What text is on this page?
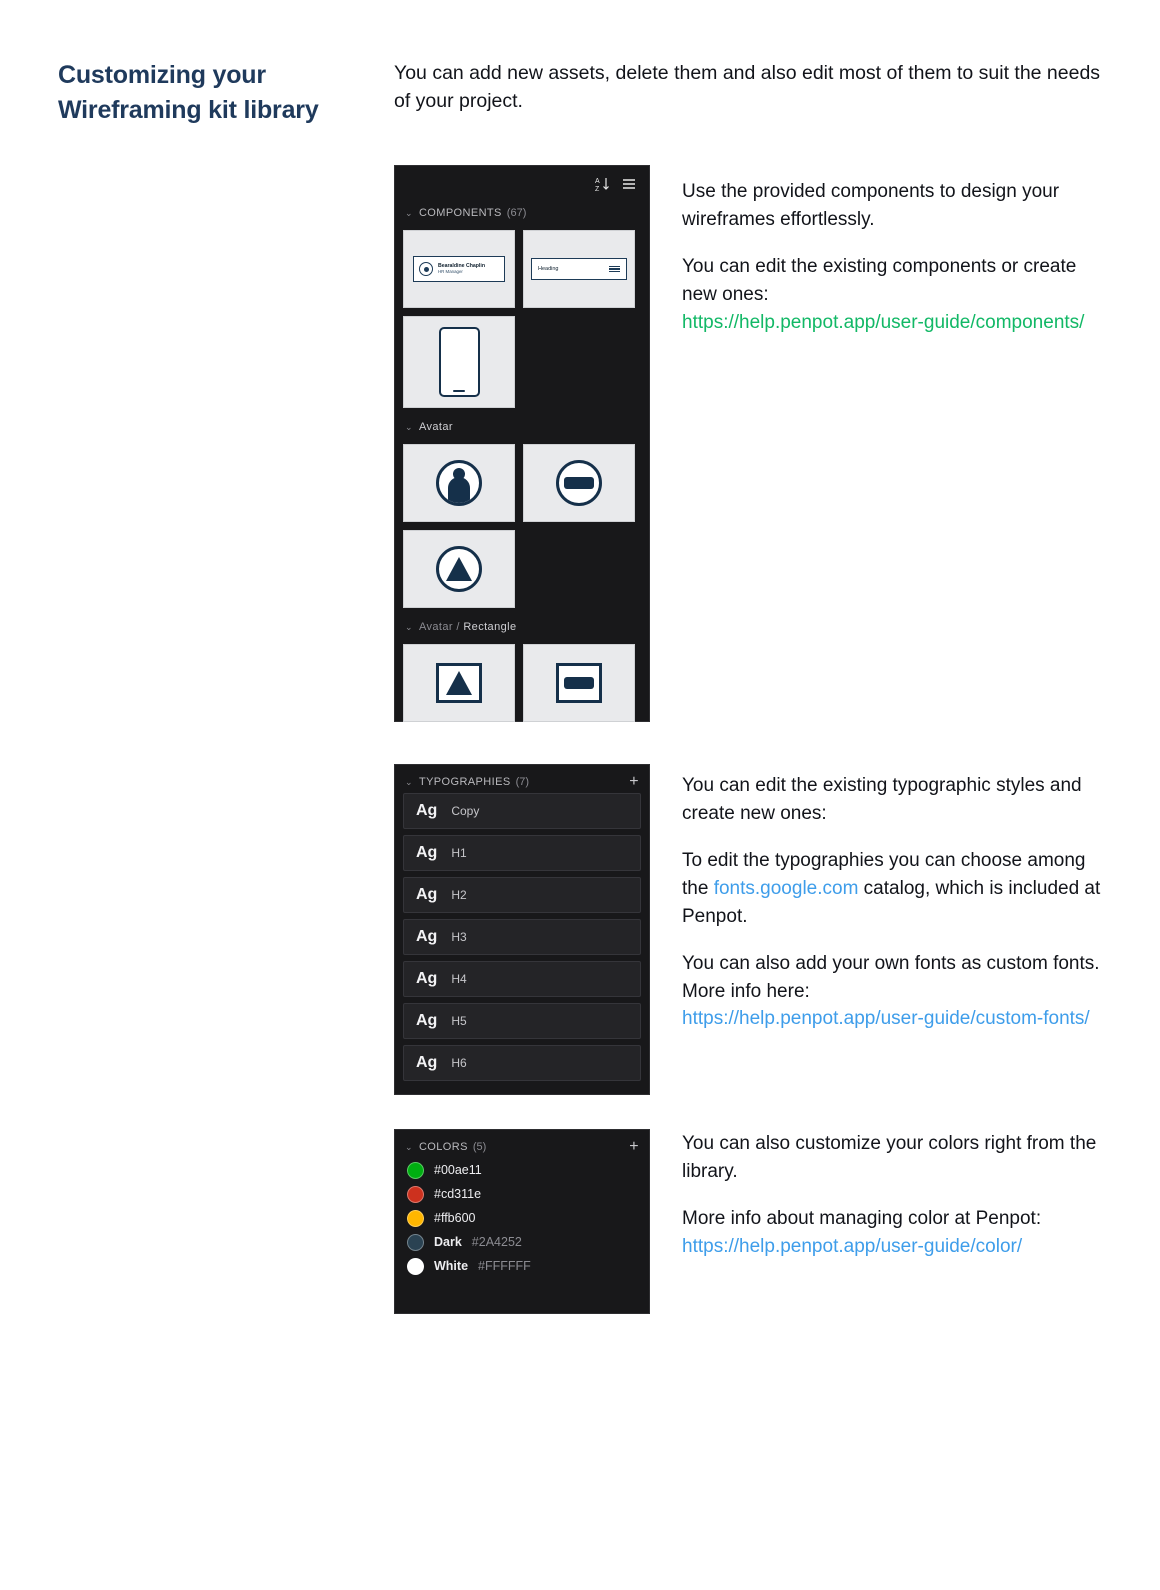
Customizing your Wireframing kit library
You can add new assets, delete them and also edit most of them to suit the needs of your project.
A
Z
⌄ COMPONENTS (67)
Bearaldine Chaplin
HR Manager	Heading
⌄ Avatar
⌄ Avatar /
Rectangle

Use the provided components to design your wireframes effortlessly.

You can edit the existing components or create new ones:
https://help.penpot.app/user-guide/components/

⌄ TYPOGRAPHIES (7)	+
Ag Copy
Ag H1
Ag H2
Ag H3
Ag H4
Ag H5
Ag H6

You can edit the existing typographic styles and create new ones:

To edit the typographies you can choose among the fonts.google.com catalog, which is included at Penpot.

You can also add your own fonts as custom fonts. More info here:
https://help.penpot.app/user-guide/custom-fonts/

⌄ COLORS (5)	+
#00ae11
#cd311e
#ffb600
Dark #2A4252
White #FFFFFF

You can also customize your colors right from the library.

More info about managing color at Penpot:
https://help.penpot.app/user-guide/color/
